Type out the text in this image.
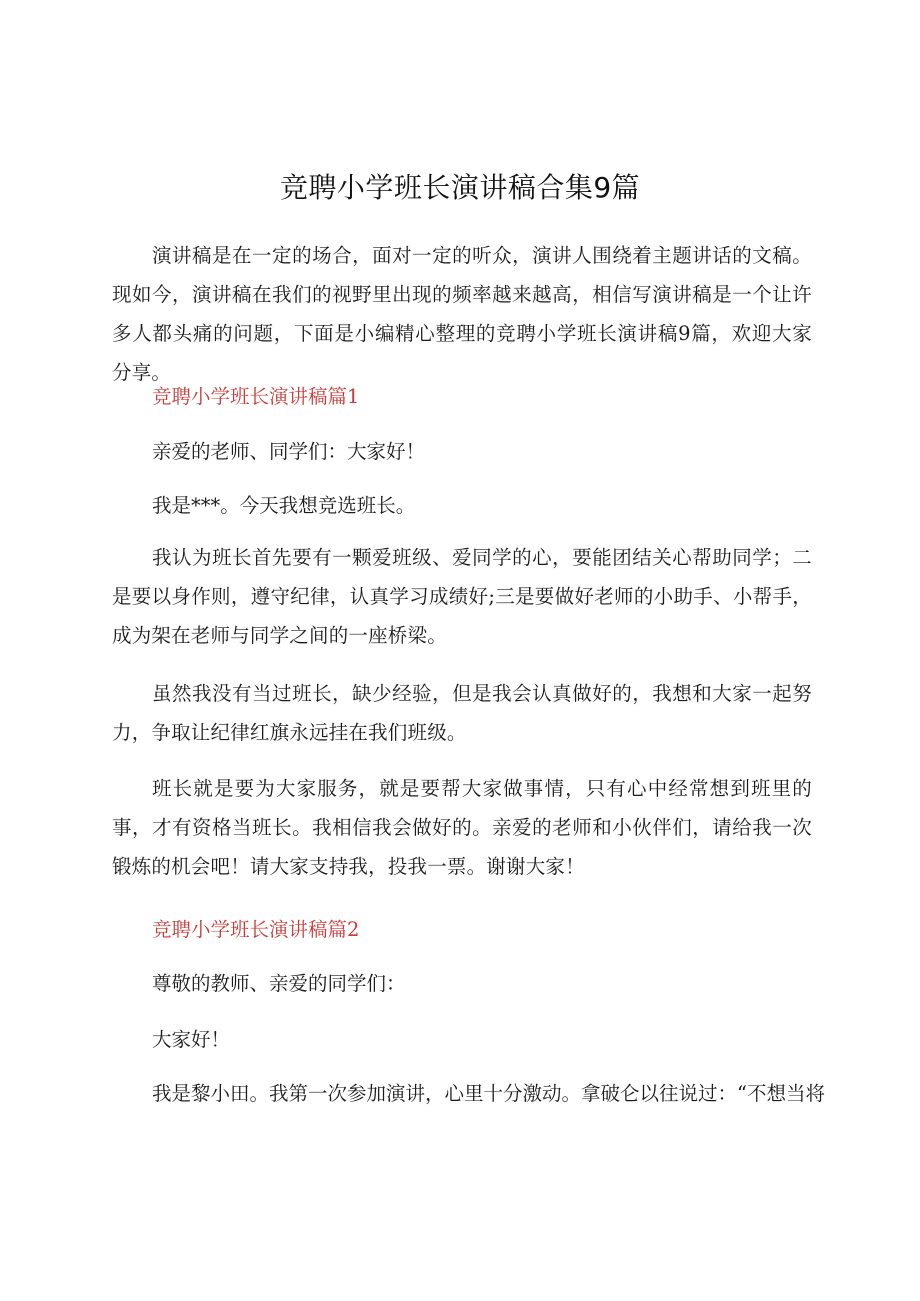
竞聘小学班长演讲稿合集9篇
演讲稿是在一定的场合，面对一定的听众，演讲人围绕着主题讲话的文稿。现如今，演讲稿在我们的视野里出现的频率越来越高，相信写演讲稿是一个让许多人都头痛的问题，下面是小编精心整理的竞聘小学班长演讲稿9篇，欢迎大家分享。
竞聘小学班长演讲稿篇1
亲爱的老师、同学们：大家好！
我是***。今天我想竞选班长。
我认为班长首先要有一颗爱班级、爱同学的心，要能团结关心帮助同学；二是要以身作则，遵守纪律，认真学习成绩好;三是要做好老师的小助手、小帮手，成为架在老师与同学之间的一座桥梁。
虽然我没有当过班长，缺少经验，但是我会认真做好的，我想和大家一起努力，争取让纪律红旗永远挂在我们班级。
班长就是要为大家服务，就是要帮大家做事情，只有心中经常想到班里的事，才有资格当班长。我相信我会做好的。亲爱的老师和小伙伴们，请给我一次锻炼的机会吧！请大家支持我，投我一票。谢谢大家！
竞聘小学班长演讲稿篇2
尊敬的教师、亲爱的同学们：
大家好！
我是黎小田。我第一次参加演讲，心里十分激动。拿破仑以往说过：“不想当将
